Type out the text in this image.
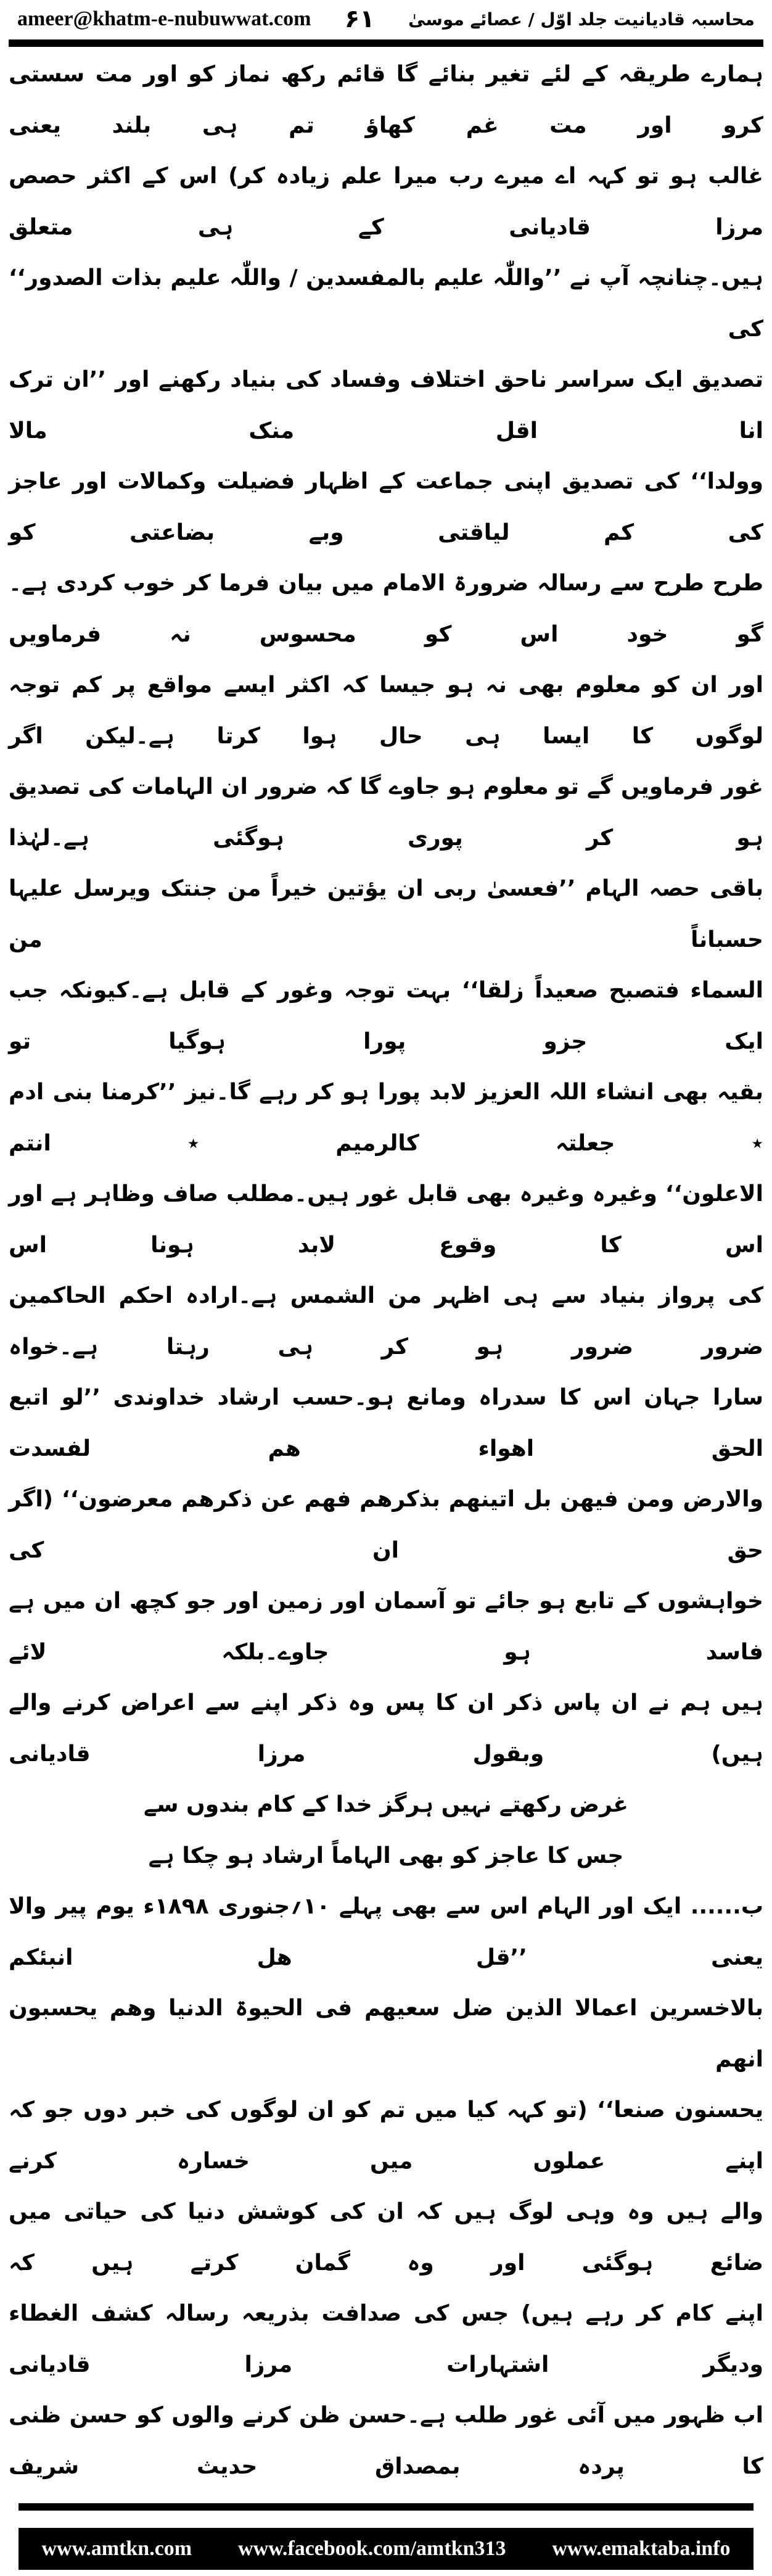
ameer@khatm-e-nubuwwat.com ۶۱ محاسبہ قادیانیت جلد اوّل / عصائے موسیٰ
ہمارے طریقہ کے لئے تغیر بنائے گا قائم رکھ نماز کو اور مت سستی کرو اور مت غم کھاؤ تم ہی بلند یعنی
غالب ہو تو کہہ اے میرے رب میرا علم زیادہ کر) اس کے اکثر حصص مرزا قادیانی کے ہی متعلق
ہیں۔چنانچہ آپ نے ’’واللّٰہ علیم بالمفسدین / واللّٰہ علیم بذات الصدور‘‘ کی
تصدیق ایک سراسر ناحق اختلاف وفساد کی بنیاد رکھنے اور ’’ان ترک انا اقل منک مالا
وولدا‘‘ کی تصدیق اپنی جماعت کے اظہار فضیلت وکمالات اور عاجز کی کم لیاقتی وبے بضاعتی کو
طرح طرح سے رسالہ ضرورۃ الامام میں بیان فرما کر خوب کردی ہے۔گو خود اس کو محسوس نہ فرماویں
اور ان کو معلوم بھی نہ ہو جیسا کہ اکثر ایسے مواقع پر کم توجہ لوگوں کا ایسا ہی حال ہوا کرتا ہے۔لیکن اگر
غور فرماویں گے تو معلوم ہو جاوے گا کہ ضرور ان الہامات کی تصدیق ہو کر پوری ہوگئی ہے۔لہٰذا
باقی حصہ الہام ’’فعسیٰ ربی ان یؤتین خیراً من جنتک ویرسل علیہا حسباناً من
السماء فتصبح صعیداً زلقا‘‘ بہت توجہ وغور کے قابل ہے۔کیونکہ جب ایک جزو پورا ہوگیا تو
بقیہ بھی انشاء اللہ العزیز لابد پورا ہو کر رہے گا۔نیز ’’کرمنا بنی ادم ٭ جعلتہ کالرمیم ٭ انتم
الاعلون‘‘ وغیرہ وغیرہ بھی قابل غور ہیں۔مطلب صاف وظاہر ہے اور اس کا وقوع لابد ہونا اس
کی پرواز بنیاد سے ہی اظہر من الشمس ہے۔ارادہ احکم الحاکمین ضرور ضرور ہو کر ہی رہتا ہے۔خواہ
سارا جہان اس کا سدراہ ومانع ہو۔حسب ارشاد خداوندی ’’لو اتبع الحق اھواء ھم لفسدت
والارض ومن فیھن بل اتینھم بذکرھم فھم عن ذکرھم معرضون‘‘ (اگر حق ان کی
خواہشوں کے تابع ہو جائے تو آسمان اور زمین اور جو کچھ ان میں ہے فاسد ہو جاوے۔بلکہ لائے
ہیں ہم نے ان پاس ذکر ان کا پس وہ ذکر اپنے سے اعراض کرنے والے ہیں) وبقول مرزا قادیانی
غرض رکھتے نہیں ہرگز خدا کے کام بندوں سے
جس کا عاجز کو بھی الہاماً ارشاد ہو چکا ہے
ب...... ایک اور الہام اس سے بھی پہلے ۱۰؍جنوری ۱۸۹۸ء یوم پیر والا یعنی ’’قل ھل انبئکم
بالاخسرین اعمالا الذین ضل سعیھم فی الحیوۃ الدنیا وھم یحسبون انھم
یحسنون صنعا‘‘ (تو کہہ کیا میں تم کو ان لوگوں کی خبر دوں جو کہ اپنے عملوں میں خسارہ کرنے
والے ہیں وہ وہی لوگ ہیں کہ ان کی کوشش دنیا کی حیاتی میں ضائع ہوگئی اور وہ گمان کرتے ہیں کہ
اپنے کام کر رہے ہیں) جس کی صدافت بذریعہ رسالہ کشف الغطاء ودیگر اشتہارات مرزا قادیانی
اب ظہور میں آئی غور طلب ہے۔حسن ظن کرنے والوں کو حسن ظنی کا پردہ بمصداق حدیث شریف
www.amtkn.com www.facebook.com/amtkn313 www.emaktaba.info
